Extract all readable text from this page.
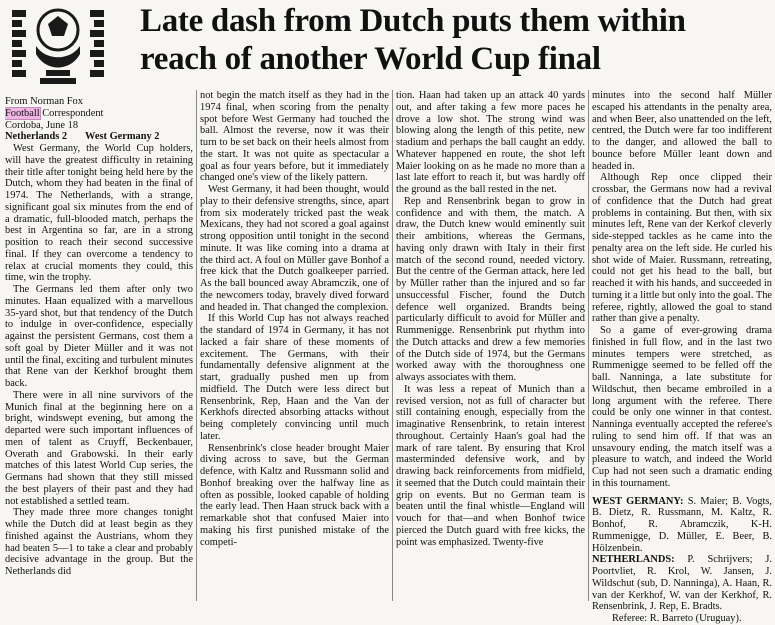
Late dash from Dutch puts them within
reach of another World Cup final
From Norman Fox
Football Correspondent
Cordoba, June 18
Netherlands 2       West Germany 2

West Germany, the World Cup holders, will have the greatest difficulty in retaining their title after tonight being held here by the Dutch, whom they had beaten in the final of 1974. The Netherlands, with a strange, significant goal six minutes from the end of a dramatic, full-blooded match, perhaps the best in Argentina so far, are in a strong position to reach their second successive final. If they can overcome a tendency to relax at crucial moments they could, this time, win the trophy.

The Germans led them after only two minutes. Haan equalized with a marvellous 35-yard shot, but that tendency of the Dutch to indulge in over-confidence, especially against the persistent Germans, cost them a soft goal by Dieter Müller and it was not until the final, exciting and turbulent minutes that Rene van der Kerkhof brought them back.

There were in all nine survivors of the Munich final at the beginning here on a bright, windswept evening, but among the departed were such important influences of men of talent as Cruyff, Beckenbauer, Overath and Grabowski. In their early matches of this latest World Cup series, the Germans had shown that they still missed the best players of their past and they had not established a settled team.

They made three more changes tonight while the Dutch did at least begin as they finished against the Austrians, whom they had beaten 5—1 to take a clear and probably decisive advantage in the group. But the Netherlands did

not begin the match itself as they had in the 1974 final, when scoring from the penalty spot before West Germany had touched the ball. Almost the reverse, now it was their turn to be set back on their heels almost from the start. It was not quite as spectacular a goal as four years before, but it immediately changed one's view of the likely pattern.

West Germany, it had been thought, would play to their defensive strengths, since, apart from six moderately tricked past the weak Mexicans, they had not scored a goal against strong opposition until tonight in the second minute. It was like coming into a drama at the third act. A foul on Müller gave Bonhof a free kick that the Dutch goalkeeper parried. As the ball bounced away Abramczik, one of the newcomers today, bravely dived forward and headed in. That changed the complexion.

If this World Cup has not always reached the standard of 1974 in Germany, it has not lacked a fair share of these moments of excitement. The Germans, with their fundamentally defensive alignment at the start, gradually pushed men up from midfield. The Dutch were less direct but Rensenbrink, Rep, Haan and the Van der Kerkhofs directed absorbing attacks without being completely convincing until much later.

Rensenbrink's close header brought Maier diving across to save, but the German defence, with Kaltz and Russmann solid and Bonhof breaking over the halfway line as often as possible, looked capable of holding the early lead. Then Haan struck back with a remarkable shot that confused Maier into making his first punished mistake of the competi-

tion. Haan had taken up an attack 40 yards out, and after taking a few more paces he drove a low shot. The strong wind was blowing along the length of this petite, new stadium and perhaps the ball caught an eddy. Whatever happened en route, the shot left Maier looking on as he made no more than a last late effort to reach it, but was hardly off the ground as the ball rested in the net.

Rep and Rensenbrink began to grow in confidence and with them, the match. A draw, the Dutch knew would eminently suit their ambitions, whereas the Germans, having only drawn with Italy in their first match of the second round, needed victory. But the centre of the German attack, here led by Müller rather than the injured and so far unsuccessful Fischer, found the Dutch defence well organized. Brandts being particularly difficult to avoid for Müller and Rummenigge. Rensenbrink put rhythm into the Dutch attacks and drew a few memories of the Dutch side of 1974, but the Germans worked away with the thoroughness one always associates with them.

It was less a repeat of Munich than a revised version, not as full of character but still containing enough, especially from the imaginative Rensenbrink, to retain interest throughout. Certainly Haan's goal had the mark of rare talent. By ensuring that Krol masterminded defensive work, and by drawing back reinforcements from midfield, it seemed that the Dutch could maintain their grip on events. But no German team is beaten until the final whistle—England will vouch for that—and when Bonhof twice pierced the Dutch guard with free kicks, the point was emphasized. Twenty-five

minutes into the second half Müller escaped his attendants in the penalty area, and when Beer, also unattended on the left, centred, the Dutch were far too indifferent to the danger, and allowed the ball to bounce before Müller leant down and headed in.

Although Rep once clipped their crossbar, the Germans now had a revival of confidence that the Dutch had great problems in containing. But then, with six minutes left, Rene van der Kerkof cleverly side-stepped tackles as he came into the penalty area on the left side. He curled his shot wide of Maier. Russmann, retreating, could not get his head to the ball, but reached it with his hands, and succeeded in turning it a little but only into the goal. The referee, rightly, allowed the goal to stand rather than give a penalty.

So a game of ever-growing drama finished in full flow, and in the last two minutes tempers were stretched, as Rummenigge seemed to be felled off the ball. Nanninga, a late substitute for Wildschut, then became embroiled in a long argument with the referee. There could be only one winner in that contest. Nanninga eventually accepted the referee's ruling to send him off. If that was an unsavoury ending, the match itself was a pleasure to watch, and indeed the World Cup had not seen such a dramatic ending in this tournament.

WEST GERMANY: S. Maier; B. Vogts, B. Dietz, R. Russmann, M. Kaltz, R. Bonhof, R. Abramczik, K-H. Rummenigge, D. Müller, E. Beer, B. Hölzenbein.

NETHERLANDS: P. Schrijvers; J. Poortvliet, R. Krol, W. Jansen, J. Wildschut (sub, D. Nanninga), A. Haan, R. van der Kerkhof, W. van der Kerkhof, R. Rensenbrink, J. Rep, E. Bradts.

Referee: R. Barreto (Uruguay).
